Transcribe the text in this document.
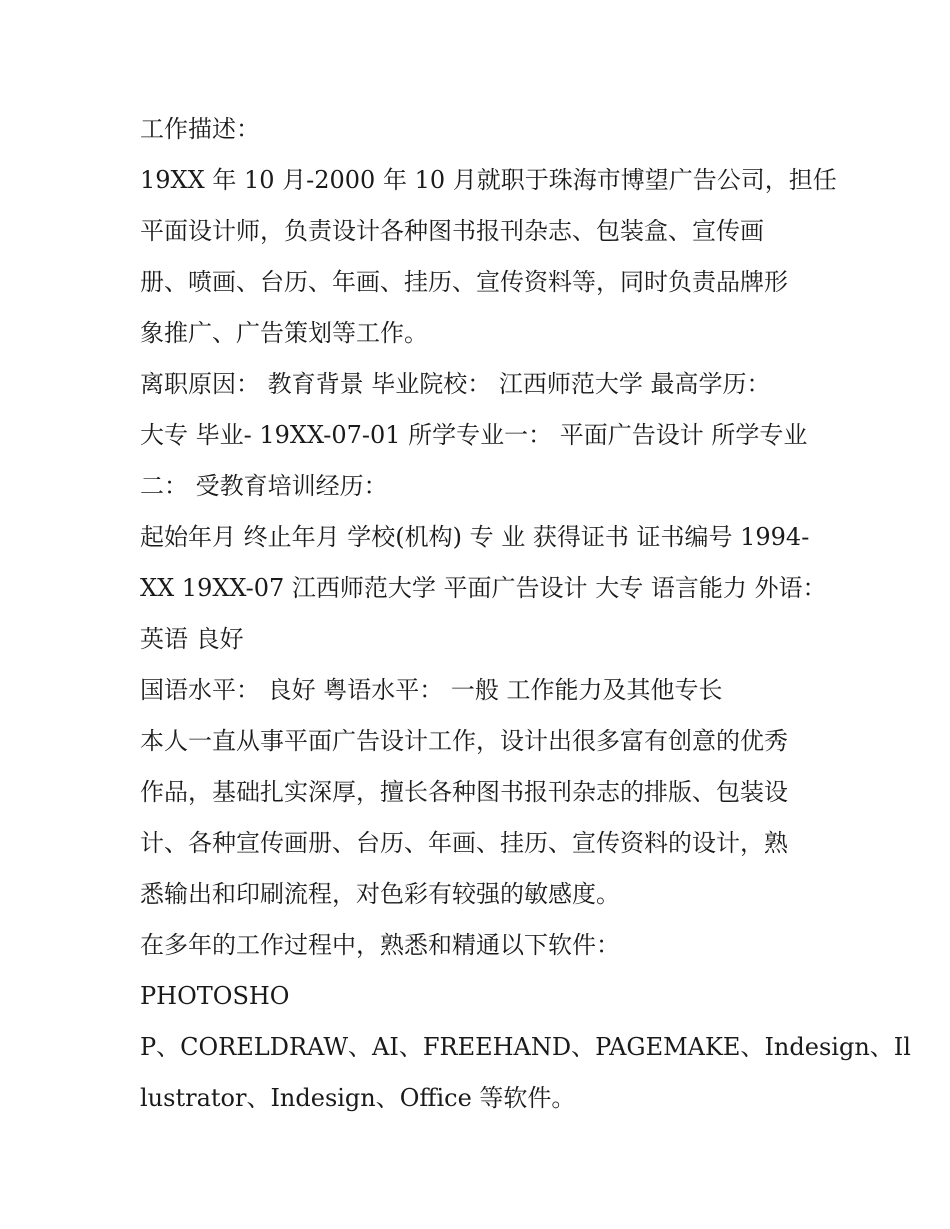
工作描述：
19XX 年 10 月-2000 年 10 月就职于珠海市博望广告公司，担任
平面设计师，负责设计各种图书报刊杂志、包装盒、宣传画
册、喷画、台历、年画、挂历、宣传资料等，同时负责品牌形
象推广、广告策划等工作。
离职原因： 教育背景 毕业院校： 江西师范大学 最高学历：
大专 毕业- 19XX-07-01 所学专业一： 平面广告设计 所学专业
二： 受教育培训经历：
起始年月 终止年月 学校(机构) 专 业 获得证书 证书编号 1994-
XX 19XX-07 江西师范大学 平面广告设计 大专 语言能力 外语：
英语 良好
国语水平： 良好 粤语水平： 一般 工作能力及其他专长
本人一直从事平面广告设计工作，设计出很多富有创意的优秀
作品，基础扎实深厚，擅长各种图书报刊杂志的排版、包装设
计、各种宣传画册、台历、年画、挂历、宣传资料的设计，熟
悉输出和印刷流程，对色彩有较强的敏感度。
在多年的工作过程中，熟悉和精通以下软件：
PHOTOSHO
P、CORELDRAW、AI、FREEHAND、PAGEMAKE、Indesign、Il
lustrator、Indesign、Office 等软件。
